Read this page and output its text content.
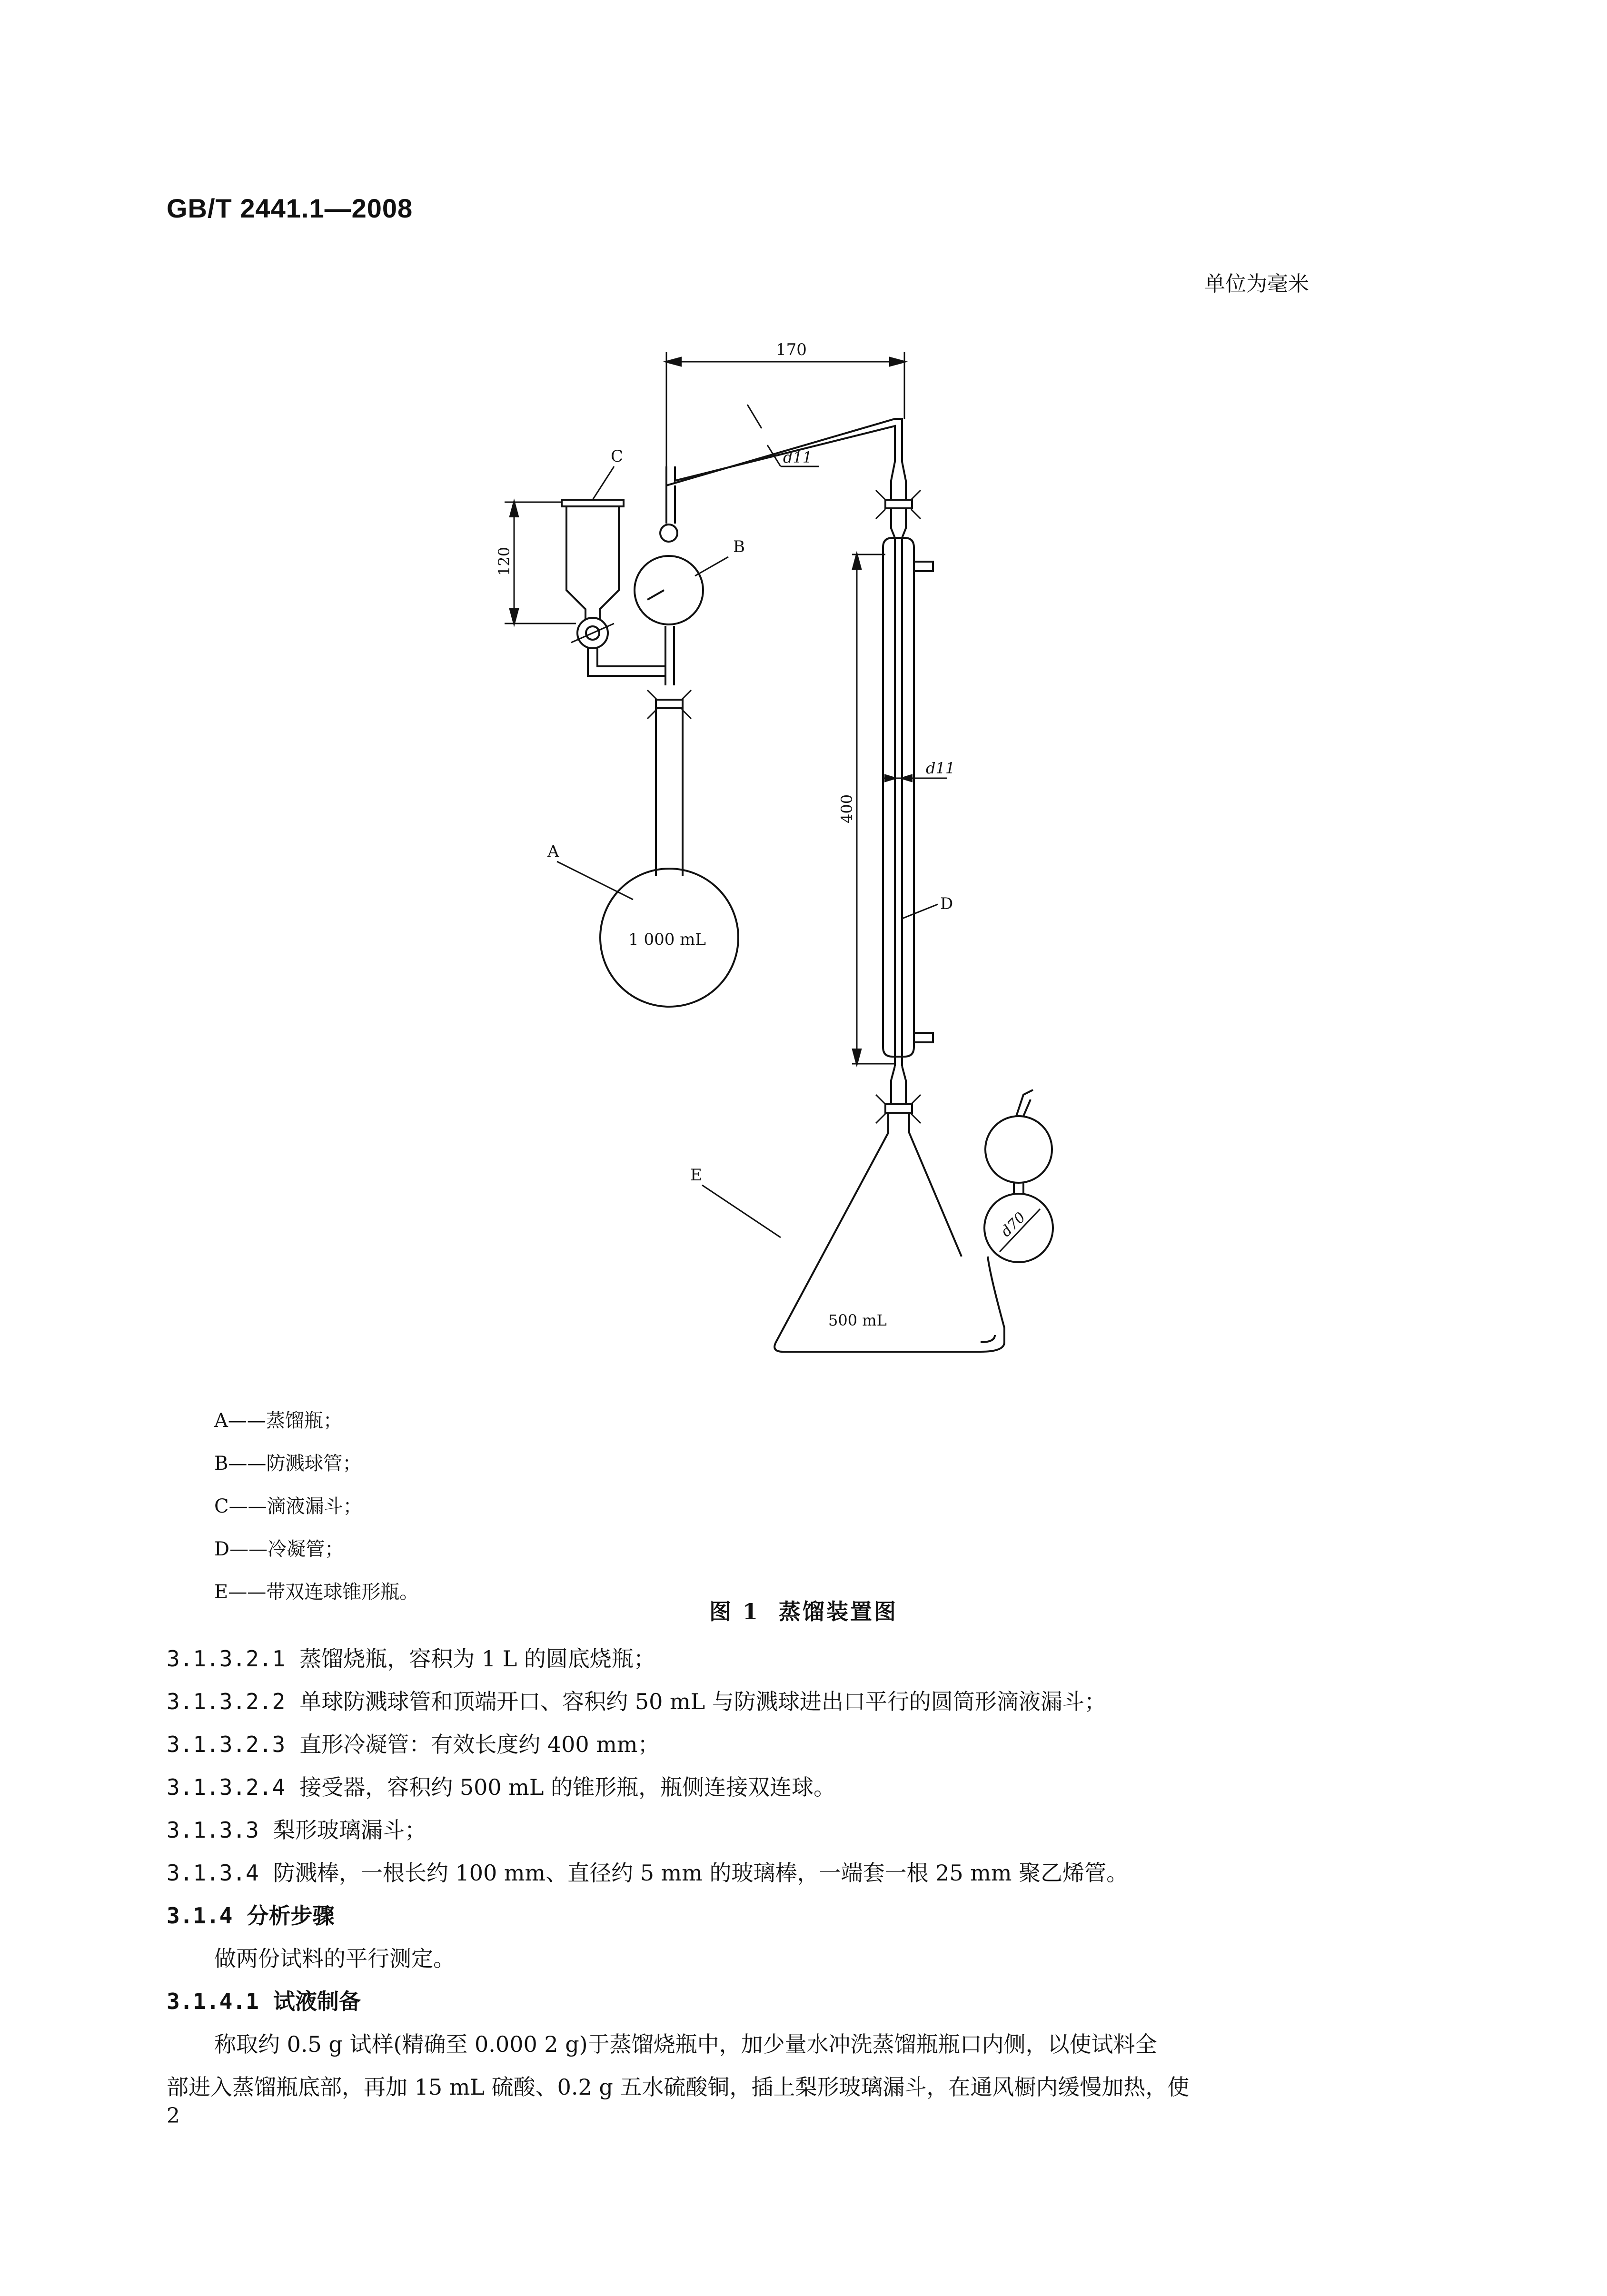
GB/T 2441.1—2008
单位为毫米
170
d11
C
120	B
A
1 000 mL
400
d11
D
E
500 mL
d70
A——蒸馏瓶；
B——防溅球管；
C——滴液漏斗；
D——冷凝管；
E——带双连球锥形瓶。
图 1 蒸馏装置图
3.1.3.2.1 蒸馏烧瓶，容积为 1 L 的圆底烧瓶；
3.1.3.2.2 单球防溅球管和顶端开口、容积约 50 mL 与防溅球进出口平行的圆筒形滴液漏斗；
3.1.3.2.3 直形冷凝管：有效长度约 400 mm；
3.1.3.2.4 接受器，容积约 500 mL 的锥形瓶，瓶侧连接双连球。
3.1.3.3 梨形玻璃漏斗；
3.1.3.4 防溅棒，一根长约 100 mm、直径约 5 mm 的玻璃棒，一端套一根 25 mm 聚乙烯管。
3.1.4 分析步骤
做两份试料的平行测定。
3.1.4.1 试液制备
称取约 0.5 g 试样(精确至 0.000 2 g)于蒸馏烧瓶中，加少量水冲洗蒸馏瓶瓶口内侧，以使试料全
部进入蒸馏瓶底部，再加 15 mL 硫酸、0.2 g 五水硫酸铜，插上梨形玻璃漏斗，在通风橱内缓慢加热，使
2
